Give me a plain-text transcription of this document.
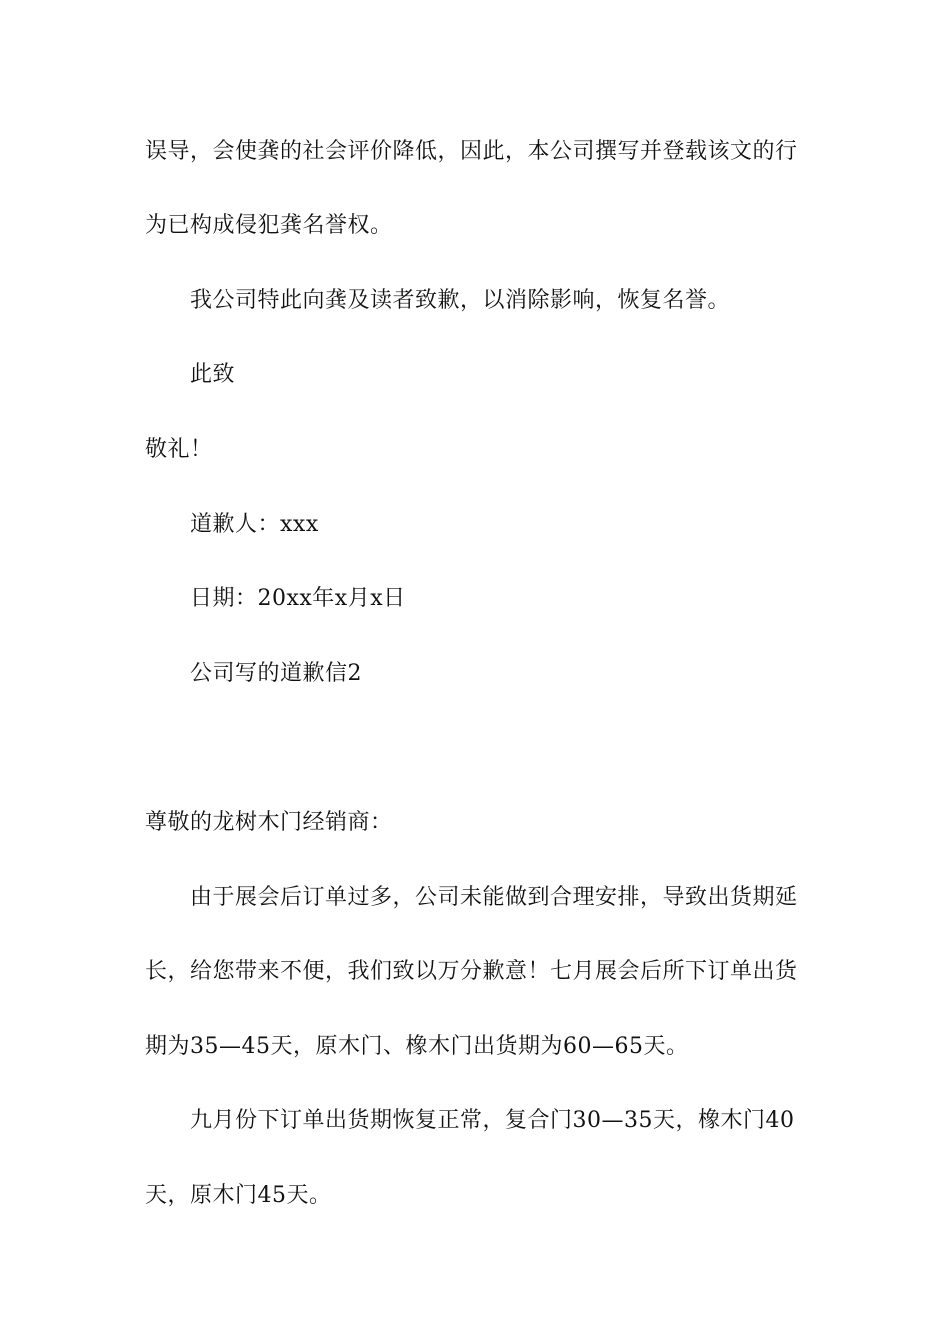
误导，会使龚的社会评价降低，因此，本公司撰写并登载该文的行
为已构成侵犯龚名誉权。
我公司特此向龚及读者致歉，以消除影响，恢复名誉。
此致
敬礼！
道歉人：xxx
日期：20xx年x月x日
公司写的道歉信2
尊敬的龙树木门经销商：
由于展会后订单过多，公司未能做到合理安排，导致出货期延
长，给您带来不便，我们致以万分歉意！七月展会后所下订单出货
期为35—45天，原木门、橡木门出货期为60—65天。
九月份下订单出货期恢复正常，复合门30—35天，橡木门40
天，原木门45天。
